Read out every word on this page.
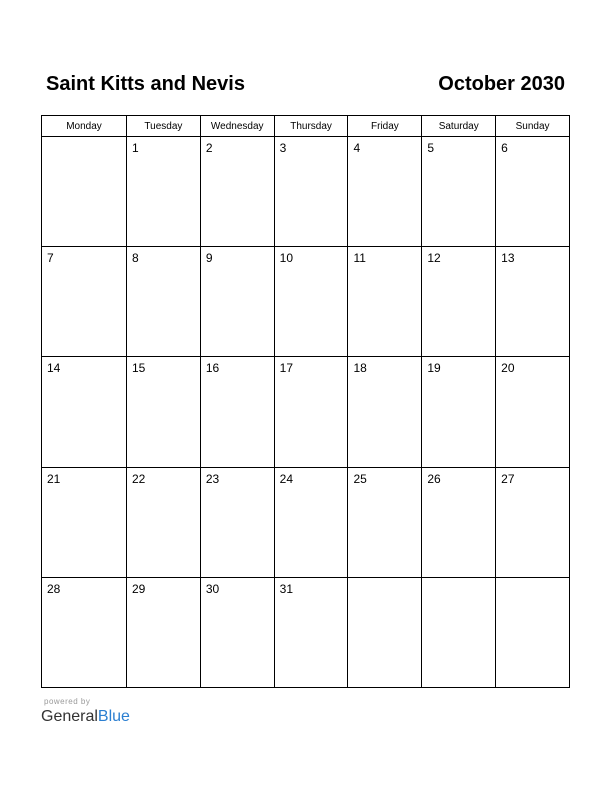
Saint Kitts and Nevis	October 2030
Monday	Tuesday	Wednesday	Thursday	Friday	Saturday	Sunday

	1	2	3	4	5	6

7	8	9	10	11	12	13

14	15	16	17	18	19	20

21	22	23	24	25	26	27

28	29	30	31			

powered by
GeneralBlue
